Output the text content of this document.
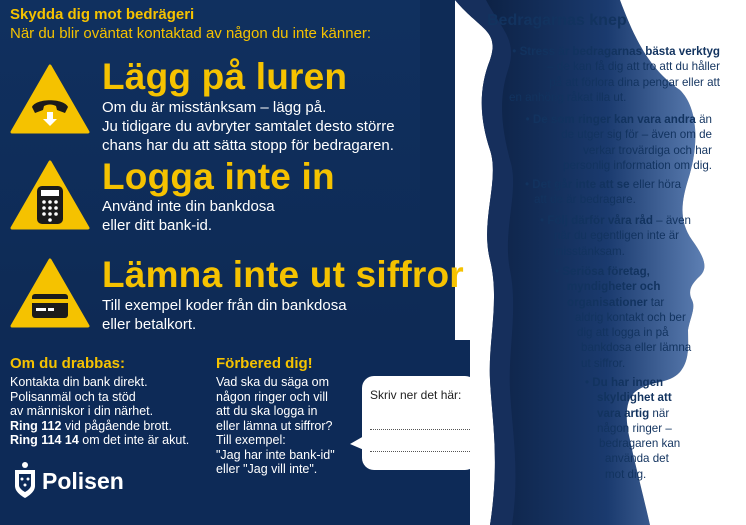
Skydda dig mot bedrägeri
När du blir oväntat kontaktad av någon du inte känner:
Lägg på luren
Om du är misstänksam – lägg på.
Ju tidigare du avbryter samtalet desto större
chans har du att sätta stopp för bedragaren.
Logga inte in
Använd inte din bankdosa
eller ditt bank-id.
Lämna inte ut siffror
Till exempel koder från din bankdosa
eller betalkort.
Om du drabbas:
Kontakta din bank direkt.
Polisanmäl och ta stöd
av människor i din närhet.
Ring 112 vid pågående brott.
Ring 114 14 om det inte är akut.
Förbered dig!
Vad ska du säga om
någon ringer och vill
att du ska logga in
eller lämna ut siffror?
Till exempel:
"Jag har inte bank-id"
eller "Jag vill inte".
Skriv ner det här:
Polisen
Bedragarnas knep
• Stress är bedragarnas bästa verktyg
– de kan få dig att tro att du håller
på att förlora dina pengar eller att
en anhörig råkat illa ut.
• De som ringer kan vara andra än
de utger sig för – även om de
verkar trovärdiga och har
personlig information om dig.
• Det går inte att se eller höra
att de är bedragare.
• Följ därför våra råd – även
när du egentligen inte är
misstänksam.
• Seriösa företag,
myndigheter och
organisationer tar
aldrig kontakt och ber
dig att logga in på
bankdosa eller lämna
ut siffror.
• Du har ingen
skyldighet att
vara artig när
någon ringer –
bedragaren kan
använda det
mot dig.
